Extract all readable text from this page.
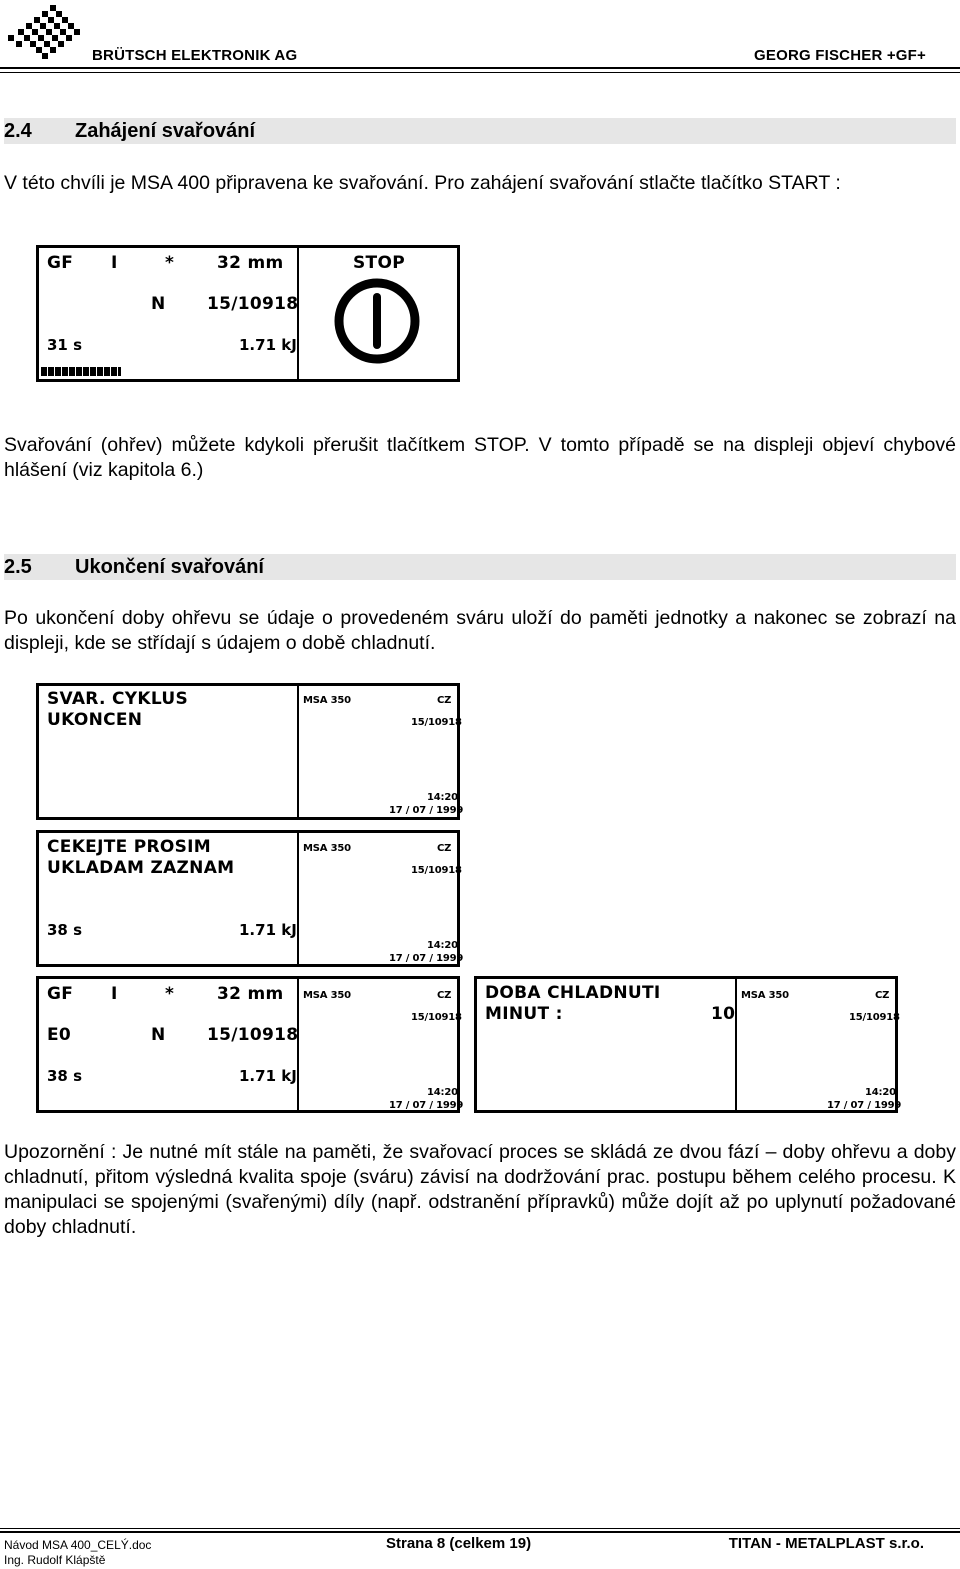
BRÜTSCH ELEKTRONIK AG	GEORG FISCHER +GF+
2.4 Zahájení svařování
V této chvíli je MSA 400 připravena ke svařování. Pro zahájení svařování stlačte tlačítko START :
GF I	*	32 mm
N 15/10918
31 s	1.71 kJ
STOP
Svařování (ohřev) můžete kdykoli přerušit tlačítkem STOP. V tomto případě se na displeji objeví chybové hlášení (viz kapitola 6.)
2.5 Ukončení svařování
Po ukončení doby ohřevu se údaje o provedeném sváru uloží do paměti jednotky a nakonec se zobrazí na displeji, kde se střídají s údajem o době chladnutí.
SVAR. CYKLUS
UKONCEN
MSA 350	CZ
15/10918
14:20
17 / 07 / 1999
CEKEJTE PROSIM
UKLADAM ZAZNAM
38 s	1.71 kJ
MSA 350	CZ
15/10918
14:20
17 / 07 / 1999
GF I	*	32 mm
E0	N 15/10918
38 s	1.71 kJ
MSA 350	CZ
15/10918
14:20
17 / 07 / 1999
DOBA CHLADNUTI
MINUT :	10
MSA 350	CZ
15/10918
14:20
17 / 07 / 1999
Upozornění : Je nutné mít stále na paměti, že svařovací proces se skládá ze dvou fází – doby ohřevu a doby chladnutí, přitom výsledná kvalita spoje (sváru) závisí na dodržování prac. postupu během celého procesu. K manipulaci se spojenými (svařenými) díly (např. odstranění přípravků) může dojít až po uplynutí požadované doby chladnutí.
Návod MSA 400_CELÝ.doc
Ing. Rudolf Klápště
Strana 8 (celkem 19)	TITAN - METALPLAST s.r.o.
